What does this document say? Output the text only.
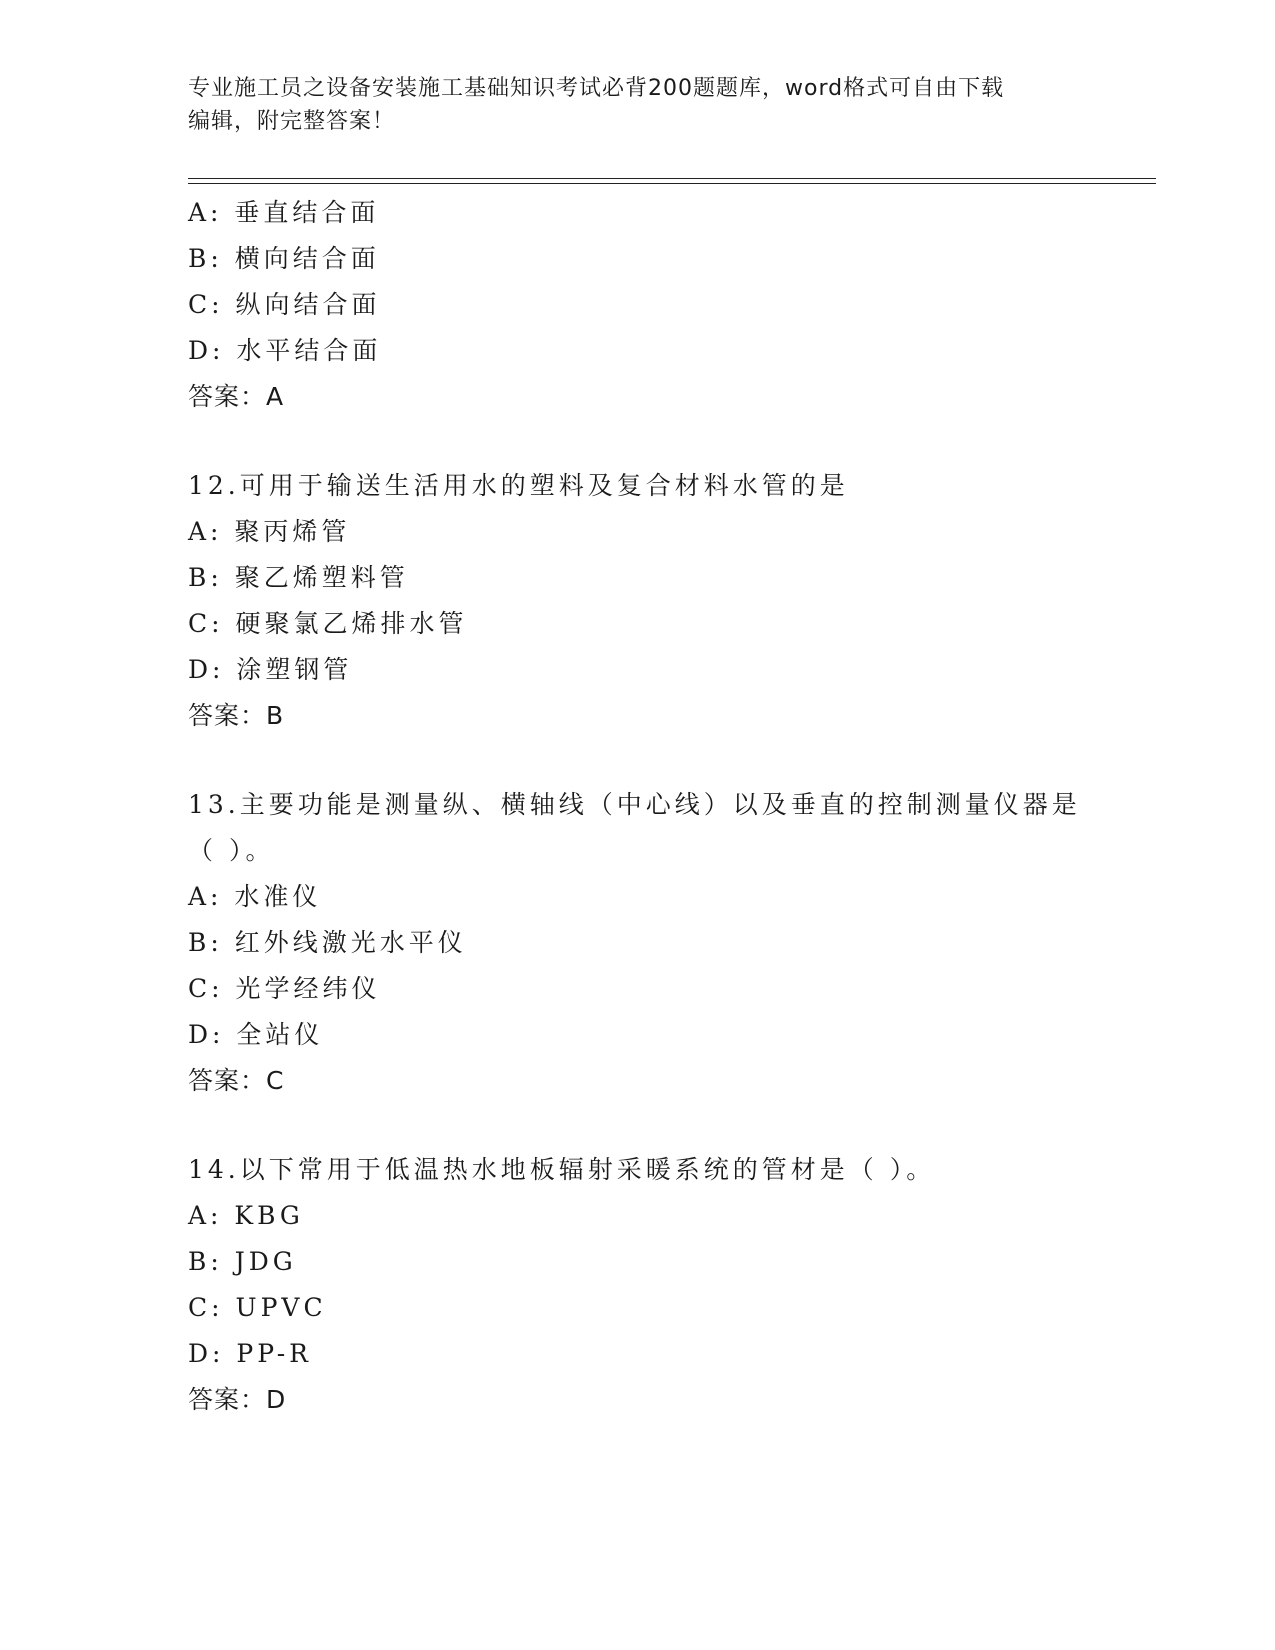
专业施工员之设备安装施工基础知识考试必背200题题库，word格式可自由下载
编辑，附完整答案！
A: 垂直结合面
B: 横向结合面
C: 纵向结合面
D: 水平结合面
答案：A
12.可用于输送生活用水的塑料及复合材料水管的是
A: 聚丙烯管
B: 聚乙烯塑料管
C: 硬聚氯乙烯排水管
D: 涂塑钢管
答案：B
13.主要功能是测量纵、横轴线（中心线）以及垂直的控制测量仪器是
（ ）。
A: 水准仪
B: 红外线激光水平仪
C: 光学经纬仪
D: 全站仪
答案：C
14.以下常用于低温热水地板辐射采暖系统的管材是（ ）。
A: KBG
B: JDG
C: UPVC
D: PP-R
答案：D
